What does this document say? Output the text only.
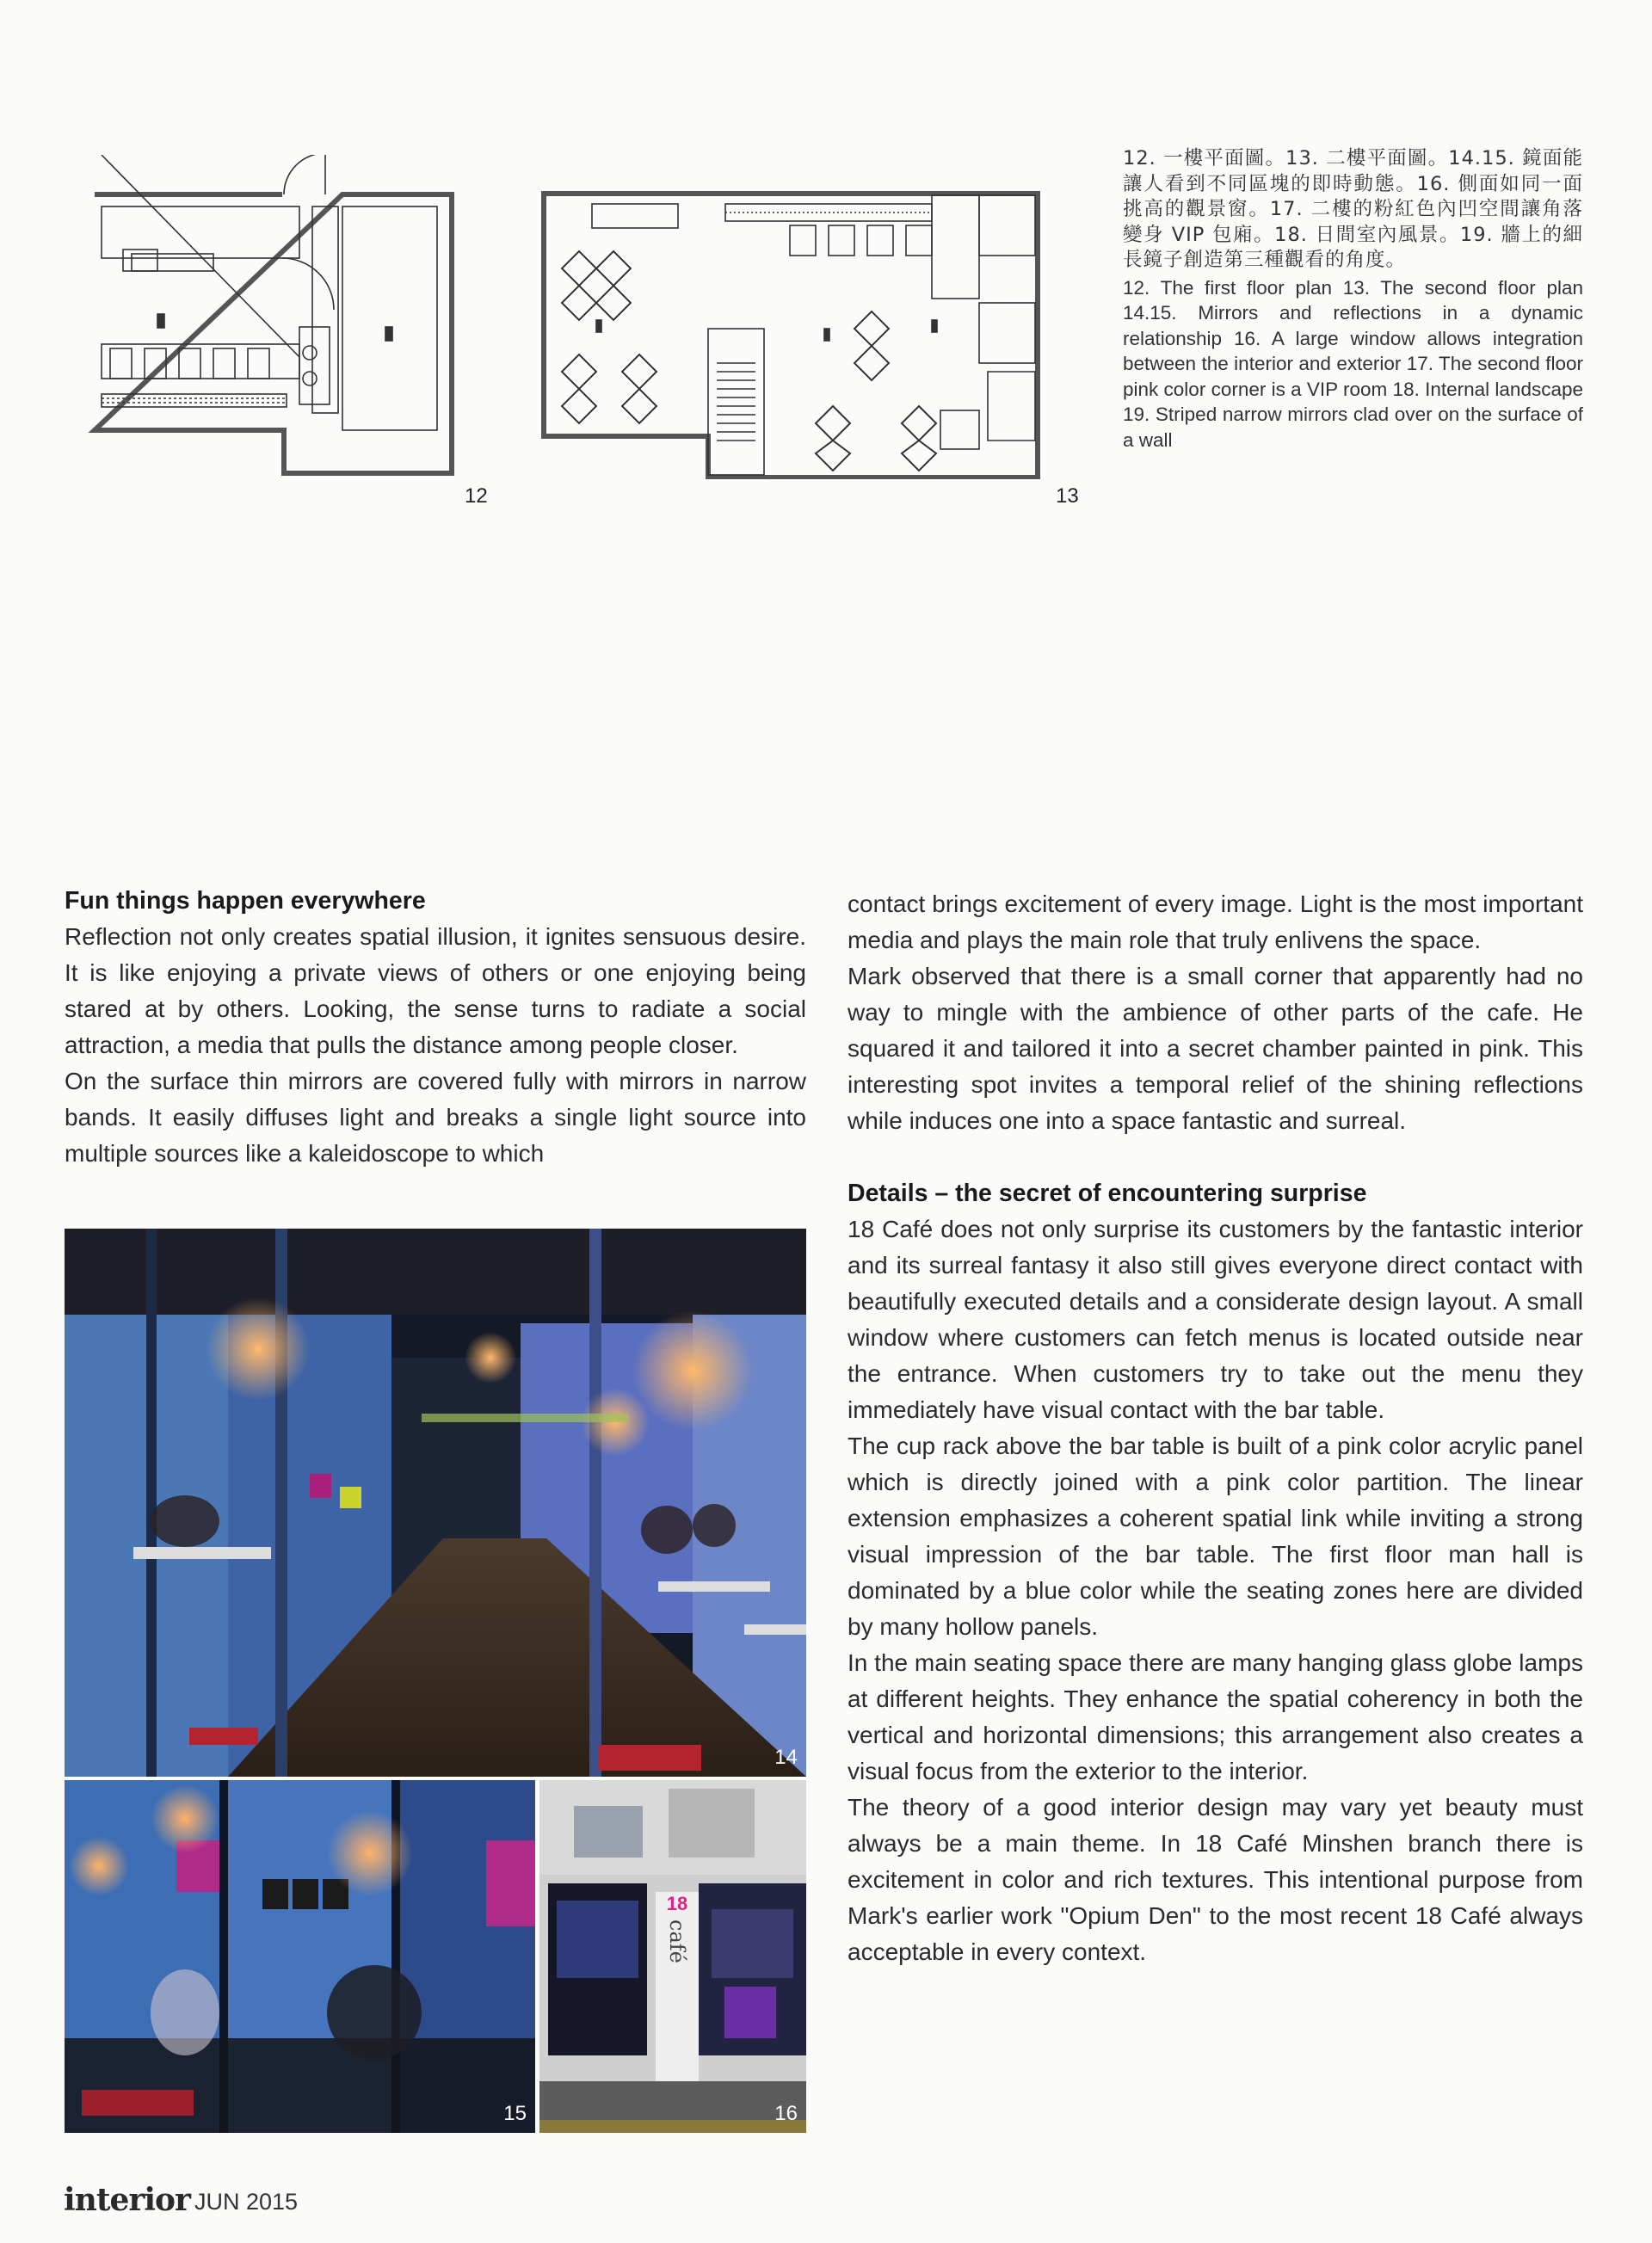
12	13

12. 一樓平面圖。13. 二樓平面圖。14.15. 鏡面能讓人看到不同區塊的即時動態。16. 側面如同一面挑高的觀景窗。17. 二樓的粉紅色內凹空間讓角落變身 VIP 包廂。18. 日間室內風景。19. 牆上的細長鏡子創造第三種觀看的角度。

12. The first floor plan 13. The second floor plan 14.15. Mirrors and reflections in a dynamic relationship 16. A large window allows integration between the interior and exterior 17. The second floor pink color corner is a VIP room 18. Internal landscape 19. Striped narrow mirrors clad over on the surface of a wall

Fun things happen everywhere

Reflection not only creates spatial illusion, it ignites sensuous desire. It is like enjoying a private views of others or one enjoying being stared at by others. Looking, the sense turns to radiate a social attraction, a media that pulls the distance among people closer.

On the surface thin mirrors are covered fully with mirrors in narrow bands. It easily diffuses light and breaks a single light source into multiple sources like a kaleidoscope to which

contact brings excitement of every image. Light is the most important media and plays the main role that truly enlivens the space.

Mark observed that there is a small corner that apparently had no way to mingle with the ambience of other parts of the cafe. He squared it and tailored it into a secret chamber painted in pink. This interesting spot invites a temporal relief of the shining reflections while induces one into a space fantastic and surreal.

Details – the secret of encountering surprise

18 Café does not only surprise its customers by the fantastic interior and its surreal fantasy it also still gives everyone direct contact with beautifully executed details and a considerate design layout. A small window where customers can fetch menus is located outside near the entrance. When customers try to take out the menu they immediately have visual contact with the bar table.

The cup rack above the bar table is built of a pink color acrylic panel which is directly joined with a pink color partition. The linear extension emphasizes a coherent spatial link while inviting a strong visual impression of the bar table. The first floor man hall is dominated by a blue color while the seating zones here are divided by many hollow panels.

In the main seating space there are many hanging glass globe lamps at different heights. They enhance the spatial coherency in both the vertical and horizontal dimensions; this arrangement also creates a visual focus from the exterior to the interior.

The theory of a good interior design may vary yet beauty must always be a main theme. In 18 Café Minshen branch there is excitement in color and rich textures. This intentional purpose from Mark's earlier work "Opium Den" to the most recent 18 Café always acceptable in every context.

14
15
18
café
16
interior JUN 2015
